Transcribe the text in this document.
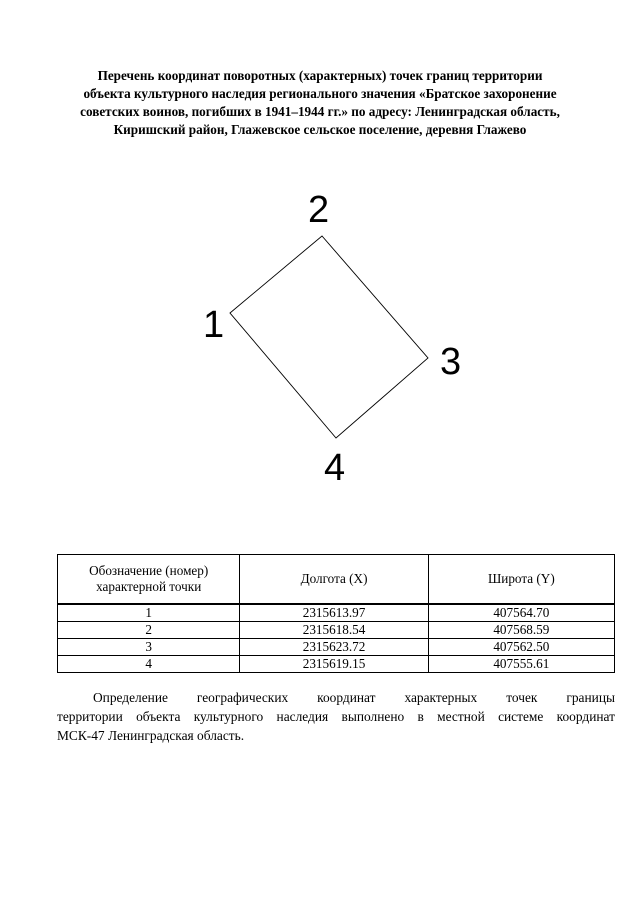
Перечень координат поворотных (характерных) точек границ территории
объекта культурного наследия регионального значения «Братское захоронение
советских воинов, погибших в 1941–1944 гг.» по адресу: Ленинградская область,
Киришский район, Глажевское сельское поселение, деревня Глажево
1
2
3
4
Обозначение (номер)
характерной точки	Долгота (X)	Широта (Y)
1	2315613.97	407564.70
2	2315618.54	407568.59
3	2315623.72	407562.50
4	2315619.15	407555.61
Определение географических координат характерных точек границы
территории объекта культурного наследия выполнено в местной системе координат
МСК-47 Ленинградская область.
